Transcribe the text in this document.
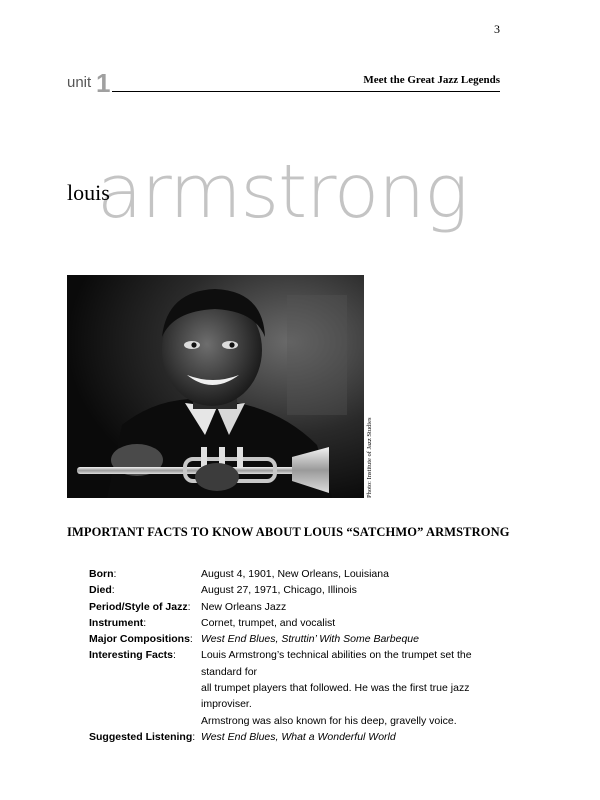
3
unit 1	Meet the Great Jazz Legends
armstrong
louis
Photo: Institute of Jazz Studies
IMPORTANT FACTS TO KNOW ABOUT LOUIS “SATCHMO” ARMSTRONG
Born:	August 4, 1901, New Orleans, Louisiana
Died:	August 27, 1971, Chicago, Illinois
Period/Style of Jazz: New Orleans Jazz
Instrument:	Cornet, trumpet, and vocalist
Major Compositions: West End Blues, Struttin’ With Some Barbeque
Interesting Facts:	Louis Armstrong’s technical abilities on the trumpet set the standard for
all trumpet players that followed. He was the first true jazz improviser.
Armstrong was also known for his deep, gravelly voice.
Suggested Listening: West End Blues, What a Wonderful World
